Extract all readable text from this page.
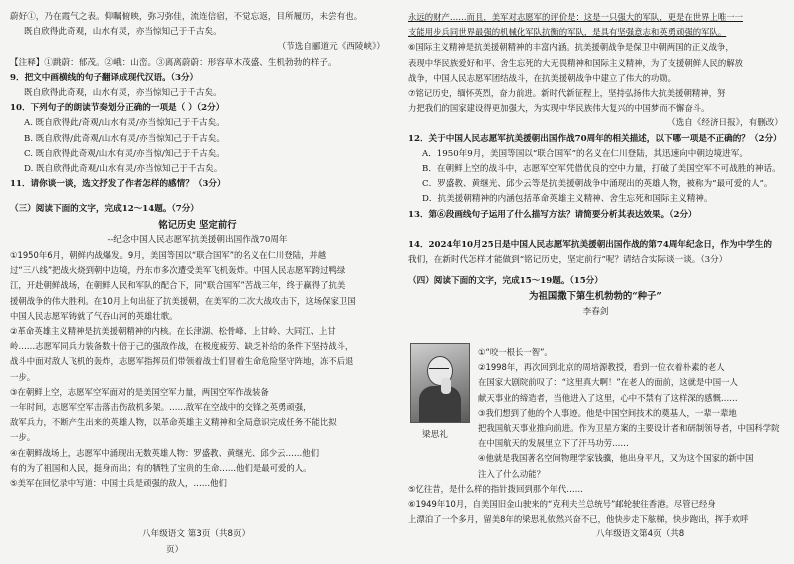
蔚好①，乃在霞气之表。仰瞩俯映，弥习弥佳，流连信宿，不觉忘返，目所履历，未尝有也。
既自欣得此奇观，山水有灵，亦当惊知己于千古矣。
（节选自郦道元《西陵峡》）
【注释】①跳蔚：郁茂。②峨：山峦。③离离蔚蔚：形容草木茂盛、生机勃勃的样子。
9．把文中画横线的句子翻译成现代汉语。（3分）
既自欣得此奇观，山水有灵，亦当惊知己于千古矣。
10．下列句子的朗读节奏划分正确的一项是（ ）（2分）
A. 既自欣得此/奇观/山水有灵/亦当惊知己于千古矣。
B. 既自欣得/此奇观/山水有灵/亦当惊知己于千古矣。
C. 既自欣得此奇观/山水有灵/亦当惊/知己于千古矣。
D. 既自欣得此奇观/山水有灵/亦当惊知己于千古矣。
11．请你谈一谈，选文抒发了作者怎样的感情？（3分）
（三）阅读下面的文字，完成12～14题。（7分）
铭记历史 坚定前行
--纪念中国人民志愿军抗美援朝出国作战70周年
①1950年6月，朝鲜内战爆发。9月，美国等国以“联合国军”的名义在仁川登陆，并越
过“三八线”把战火烧到朝中边境，丹东市多次遭受美军飞机轰炸。中国人民志愿军跨过鸭绿
江，开赴朝鲜战场，在朝鲜人民和军队的配合下，同“联合国军”苦战三年，终于赢得了抗美
援朝战争的伟大胜利。在10月上旬出征了抗美援朝，在美军的二次大战攻击下，这场保家卫国
中国人民志愿军铸就了气吞山河的英雄壮歌。
②革命英雄主义精神是抗美援朝精神的内核。在长津湖、松骨峰、上甘岭、大同江、上甘
岭……志愿军同兵力装备数十倍于己的强敌作战，在极度疲劳、缺乏补给的条件下坚持战斗，
战斗中面对敌人飞机的轰炸，志愿军指挥员们带领着战士们冒着生命危险坚守阵地，冻不后退
一步。
③在朝鲜上空，志愿军空军面对的是美国空军力量，两国空军作战装备
一年时间，志愿军空军击落击伤敌机多架。……敌军在空战中的交锋之英勇顽强，
敌军兵力，不断产生出来的英雄人物，以革命英雄主义精神和全局意识完成任务不能比拟
一步。
④在朝鲜战场上，志愿军中涌现出无数英雄人物：罗盛教、黄继光、邱少云……他们
有的为了祖国和人民，挺身而出；有的牺牲了宝贵的生命……他们是最可爱的人。
⑤美军在回忆录中写道：中国士兵是顽强的敌人，……他们
八年级语文 第3页（共8页）
页）
永远的财产……而且，美军对志愿军的评价是：这是一只强大的军队，更是在世界上唯一一
支能用步兵同世界最强的机械化军队抗衡的军队，是具有坚强意志和英勇顽强的军队。
⑥国际主义精神是抗美援朝精神的丰富内涵。抗美援朝战争是保卫中朝两国的正义战争，
表现中华民族爱好和平、舍生忘死的大无畏精神和国际主义精神，为了支援朝鲜人民的解放
战争，中国人民志愿军团结战斗，在抗美援朝战争中建立了伟大的功勋。
⑦铭记历史，缅怀英烈，奋力前进。新时代新征程上，坚持弘扬伟大抗美援朝精神，努
力把我们的国家建设得更加强大，为实现中华民族伟大复兴的中国梦而不懈奋斗。
（选自《经济日报》，有删改）
12．关于中国人民志愿军抗美援朝出国作战70周年的相关描述，以下哪一项是不正确的？（2分）
A．1950年9月，美国等国以“联合国军”的名义在仁川登陆，其迅速向中朝边境进军。
B．在朝鲜上空的战斗中，志愿军空军凭借优良的空中力量，打破了美国空军不可战胜的神话。
C．罗盛教、黄继光、邱少云等是抗美援朝战争中涌现出的英雄人物，被称为“最可爱的人”。
D．抗美援朝精神的内涵包括革命英雄主义精神、舍生忘死和国际主义精神。
13．第⑥段画线句子运用了什么描写方法？请简要分析其表达效果。（2分）
14．2024年10月25日是中国人民志愿军抗美援朝出国作战的第74周年纪念日，作为中学生的
我们，在新时代怎样才能做到“铭记历史，坚定前行”呢？请结合实际谈一谈。（3分）
（四）阅读下面的文字，完成15～19题。（15分）
为祖国撒下第生机勃勃的“种子”
李春剑
梁思礼
①“咬一根长一智”。
②1998年，再次回到北京的周培源教授，看到一位衣着朴素的老人
在国家大剧院前叹了：“这里真大啊！”在老人的面前，这就是中国一人
献天事业的缔造者，当他进入了这里，心中不禁有了这样深的感慨……
③我们想到了他的个人事迹。他是中国空间技术的奠基人，一辈一辈地
把我国航天事业推向前进。作为卫星方案的主要设计者和研制领导者，中国科学院
在中国航天的发展里立下了汗马功劳……
④他就是我国著名空间物理学家钱骥，他出身平凡，又为这个国家的新中国
注入了什么动能？
⑤忆往昔，是什么样的指针拨回到那个年代……
⑥1949年10月，自美国旧金山驶来的“克利夫兰总统号”邮轮驶往香港。尽管已经身
上漂泊了一个多月，留美8年的梁思礼依然兴奋不已，他快步走下舷梯，快步跑出，挥手欢呼
八年级语文第4页（共8
